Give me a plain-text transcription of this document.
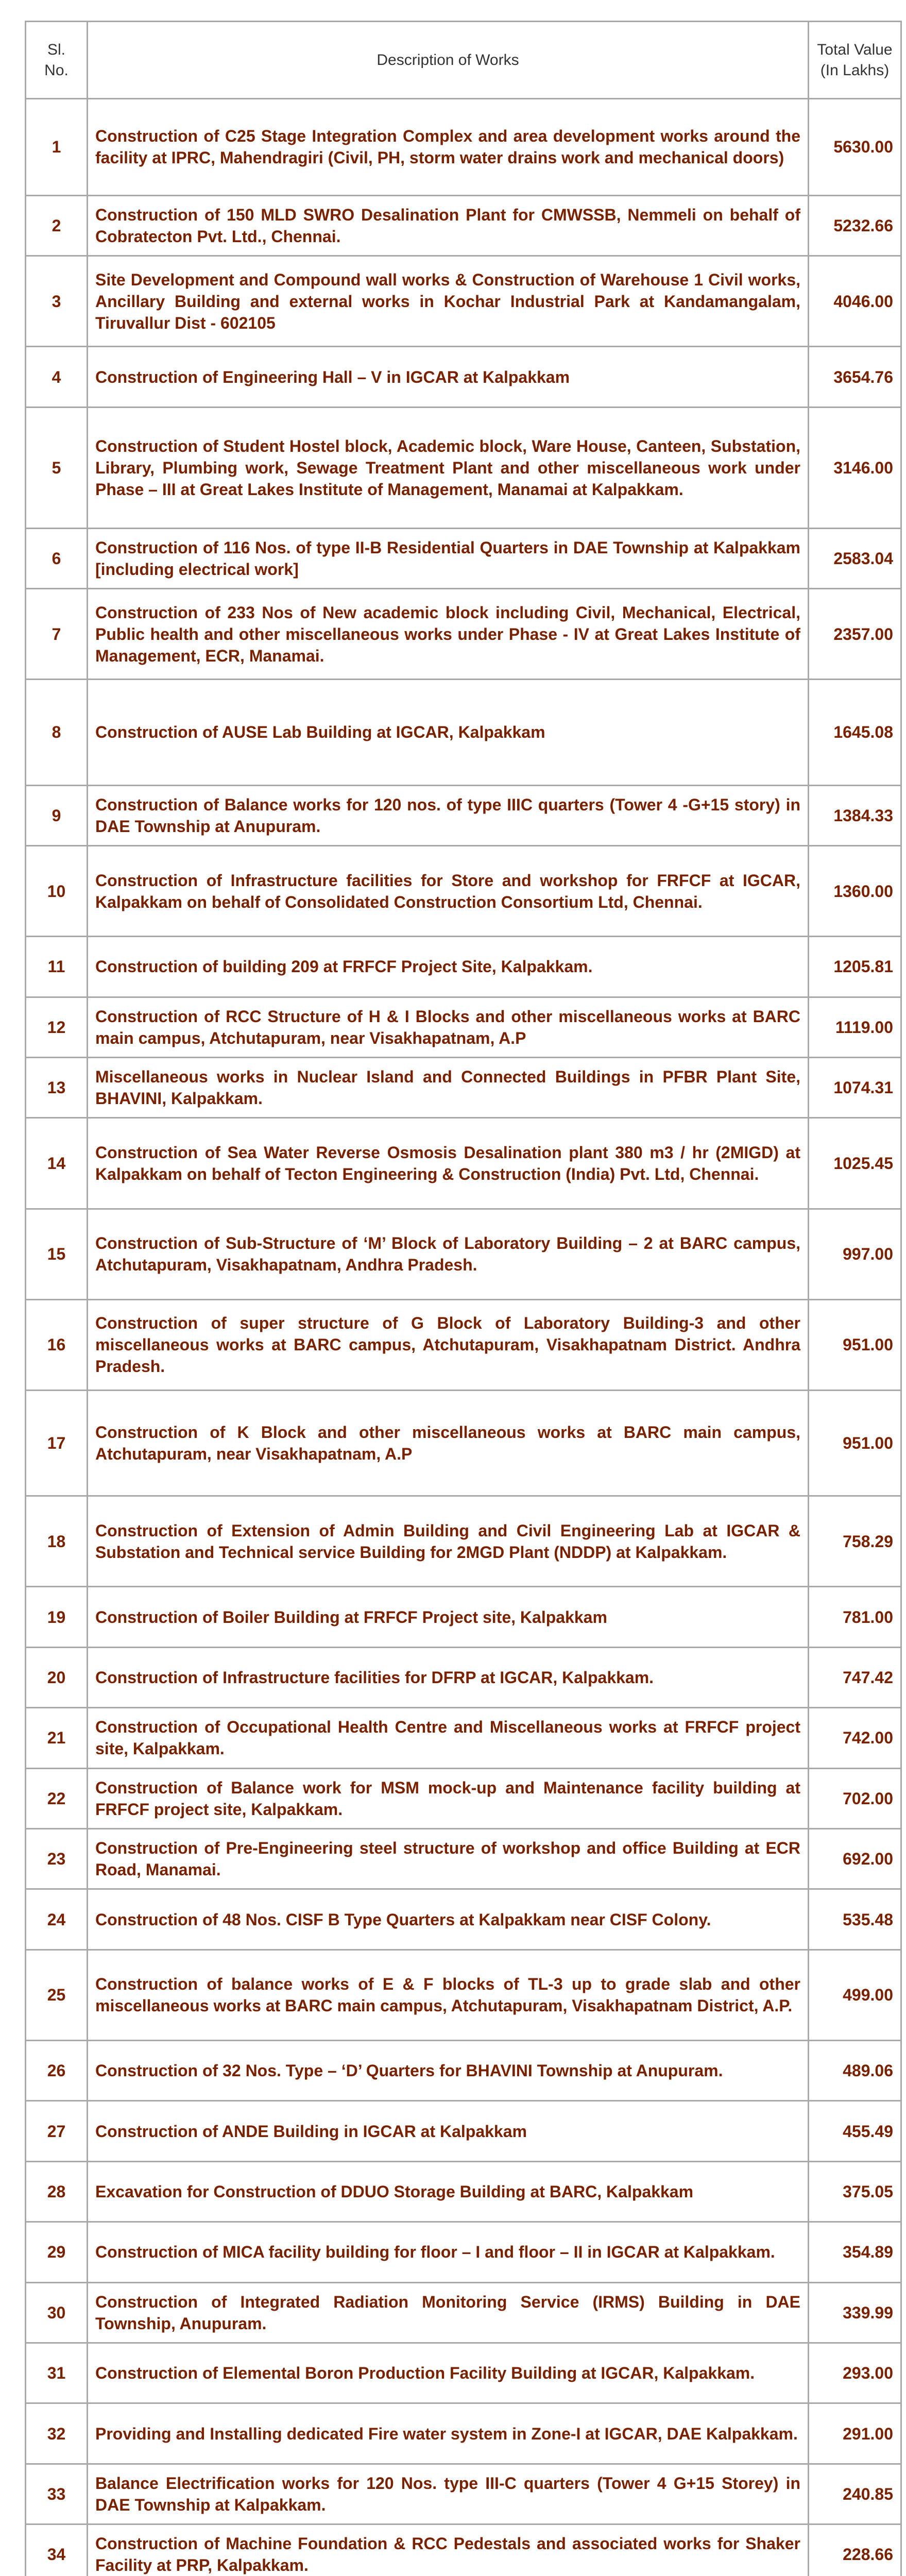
Sl. No.	Description of Works	Total Value (In Lakhs)
1	Construction of C25 Stage Integration Complex and area development works around the facility at IPRC, Mahendragiri (Civil, PH, storm water drains work and mechanical doors)	5630.00
2	Construction of 150 MLD SWRO Desalination Plant for CMWSSB, Nemmeli on behalf of Cobratecton Pvt. Ltd., Chennai.	5232.66
3	Site Development and Compound wall works & Construction of Warehouse 1 Civil works, Ancillary Building and external works in Kochar Industrial Park at Kandamangalam, Tiruvallur Dist - 602105	4046.00
4	Construction of Engineering Hall – V in IGCAR at Kalpakkam	3654.76
5	Construction of Student Hostel block, Academic block, Ware House, Canteen, Substation, Library, Plumbing work, Sewage Treatment Plant and other miscellaneous work under Phase – III at Great Lakes Institute of Management, Manamai at Kalpakkam.	3146.00
6	Construction of 116 Nos. of type II-B Residential Quarters in DAE Township at Kalpakkam [including electrical work]	2583.04
7	Construction of 233 Nos of New academic block including Civil, Mechanical, Electrical, Public health and other miscellaneous works under Phase - IV at Great Lakes Institute of Management, ECR, Manamai.	2357.00
8	Construction of AUSE Lab Building at IGCAR, Kalpakkam	1645.08
9	Construction of Balance works for 120 nos. of type IIIC quarters (Tower 4 -G+15 story) in DAE Township at Anupuram.	1384.33
10	Construction of Infrastructure facilities for Store and workshop for FRFCF at IGCAR, Kalpakkam on behalf of Consolidated Construction Consortium Ltd, Chennai.	1360.00
11	Construction of building 209 at FRFCF Project Site, Kalpakkam.	1205.81
12	Construction of RCC Structure of H & I Blocks and other miscellaneous works at BARC main campus, Atchutapuram, near Visakhapatnam, A.P	1119.00
13	Miscellaneous works in Nuclear Island and Connected Buildings in PFBR Plant Site, BHAVINI, Kalpakkam.	1074.31
14	Construction of Sea Water Reverse Osmosis Desalination plant 380 m3 / hr (2MIGD) at Kalpakkam on behalf of Tecton Engineering & Construction (India) Pvt. Ltd, Chennai.	1025.45
15	Construction of Sub-Structure of ‘M’ Block of Laboratory Building – 2 at BARC campus, Atchutapuram, Visakhapatnam, Andhra Pradesh.	997.00
16	Construction of super structure of G Block of Laboratory Building-3 and other miscellaneous works at BARC campus, Atchutapuram, Visakhapatnam District. Andhra Pradesh.	951.00
17	Construction of K Block and other miscellaneous works at BARC main campus, Atchutapuram, near Visakhapatnam, A.P	951.00
18	Construction of Extension of Admin Building and Civil Engineering Lab at IGCAR & Substation and Technical service Building for 2MGD Plant (NDDP) at Kalpakkam.	758.29
19	Construction of Boiler Building at FRFCF Project site, Kalpakkam	781.00
20	Construction of Infrastructure facilities for DFRP at IGCAR, Kalpakkam.	747.42
21	Construction of Occupational Health Centre and Miscellaneous works at FRFCF project site, Kalpakkam.	742.00
22	Construction of Balance work for MSM mock-up and Maintenance facility building at FRFCF project site, Kalpakkam.	702.00
23	Construction of Pre-Engineering steel structure of workshop and office Building at ECR Road, Manamai.	692.00
24	Construction of 48 Nos. CISF B Type Quarters at Kalpakkam near CISF Colony.	535.48
25	Construction of balance works of E & F blocks of TL-3 up to grade slab and other miscellaneous works at BARC main campus, Atchutapuram, Visakhapatnam District, A.P.	499.00
26	Construction of 32 Nos. Type – ‘D’ Quarters for BHAVINI Township at Anupuram.	489.06
27	Construction of ANDE Building in IGCAR at Kalpakkam	455.49
28	Excavation for Construction of DDUO Storage Building at BARC, Kalpakkam	375.05
29	Construction of MICA facility building for floor – I and floor – II in IGCAR at Kalpakkam.	354.89
30	Construction of Integrated Radiation Monitoring Service (IRMS) Building in DAE Township, Anupuram.	339.99
31	Construction of Elemental Boron Production Facility Building at IGCAR, Kalpakkam.	293.00
32	Providing and Installing dedicated Fire water system in Zone-I at IGCAR, DAE Kalpakkam.	291.00
33	Balance Electrification works for 120 Nos. type III-C quarters (Tower 4 G+15 Storey) in DAE Township at Kalpakkam.	240.85
34	Construction of Machine Foundation & RCC Pedestals and associated works for Shaker Facility at PRP, Kalpakkam.	228.66
